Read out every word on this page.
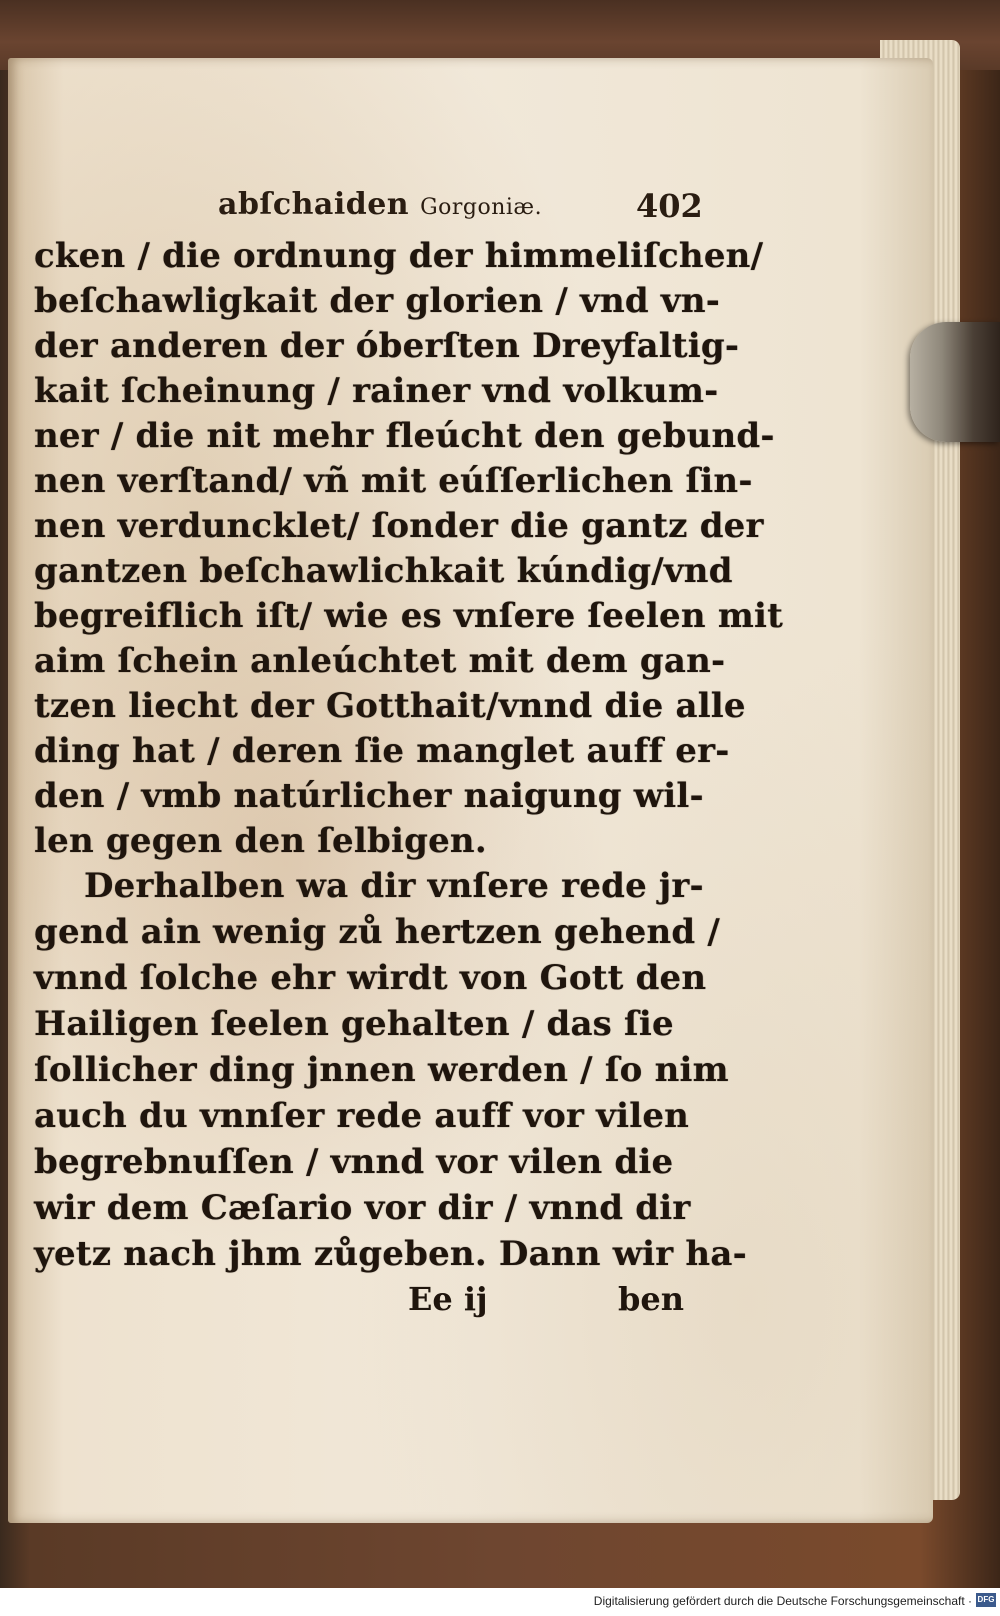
abſchaiden Gorgoniæ.	402
cken / die ordnung der himmeliſchen/
beſchawligkait der glorien / vnd vn‑
der anderen der óberſten Dreyfaltig‑
kait ſcheinung / rainer vnd volkum‑
ner / die nit mehr fleúcht den gebund‑
nen verſtand/ vñ mit eúſſerlichen ſin‑
nen verduncklet/ ſonder die gantz der
gantzen beſchawlichkait kúndig/vnd
begreiflich iſt/ wie es vnſere ſeelen mit
aim ſchein anleúchtet mit dem gan‑
tzen liecht der Gotthait/vnnd die alle
ding hat / deren ſie manglet auff er‑
den / vmb natúrlicher naigung wil‑
len gegen den ſelbigen.
Derhalben wa dir vnſere rede jr‑
gend ain wenig zů hertzen gehend /
vnnd ſolche ehr wirdt von Gott den
Hailigen ſeelen gehalten / das ſie
ſollicher ding jnnen werden / ſo nim
auch du vnnſer rede auff vor vilen
begrebnuſſen / vnnd vor vilen die
wir dem Cæſario vor dir / vnnd dir
yetz nach jhm zůgeben. Dann wir ha‑
Ee ij	ben
Digitalisierung gefördert durch die Deutsche Forschungsgemeinschaft · DFG
